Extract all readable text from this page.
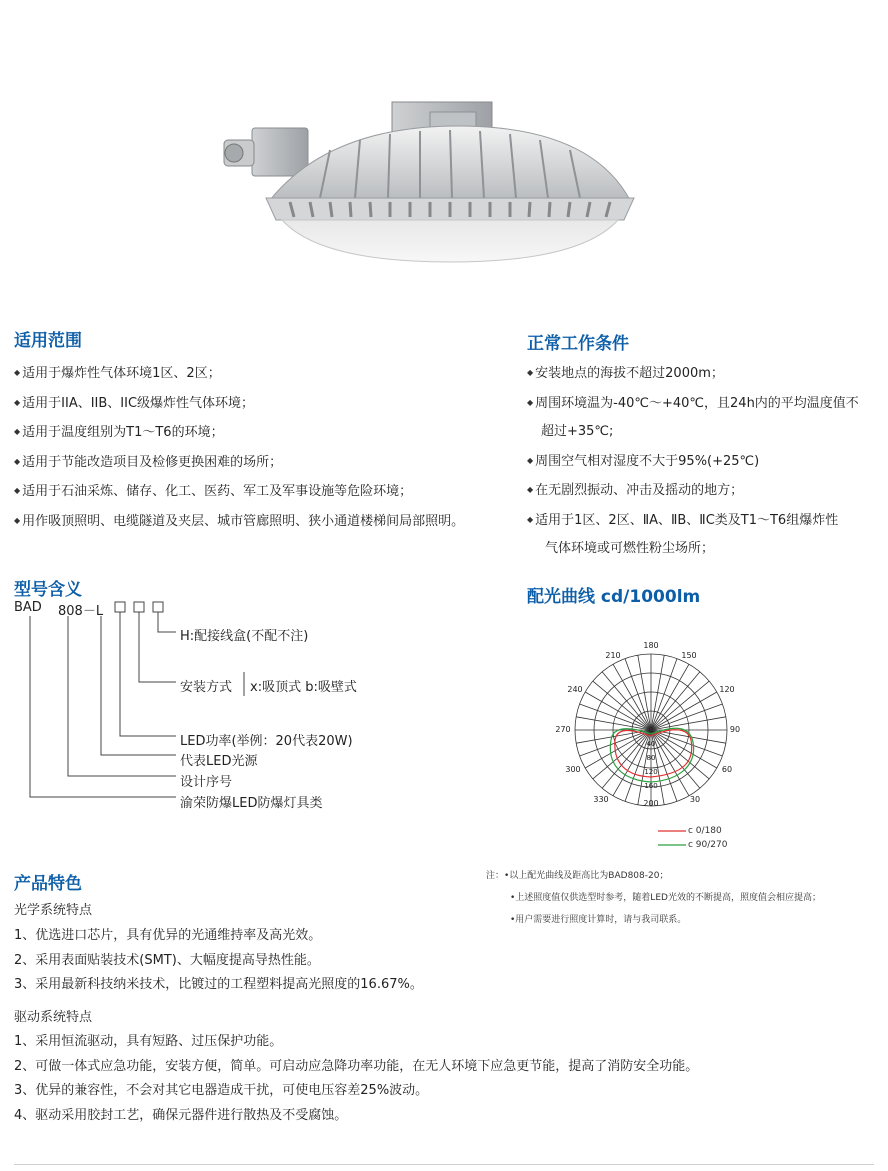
适用范围
◆ 适用于爆炸性气体环境1区、2区；
◆ 适用于IIA、IIB、IIC级爆炸性气体环境；
◆ 适用于温度组别为T1～T6的环境；
◆ 适用于节能改造项目及检修更换困难的场所；
◆ 适用于石油采炼、储存、化工、医药、军工及军事设施等危险环境；
◆ 用作吸顶照明、电缆隧道及夹层、城市管廊照明、狭小通道楼梯间局部照明。
正常工作条件
◆ 安装地点的海拔不超过2000m；
◆ 周围环境温为-40℃～+40℃，且24h内的平均温度值不
超过+35℃;
◆ 周围空气相对湿度不大于95%(+25℃)
◆ 在无剧烈振动、冲击及摇动的地方；
◆ 适用于1区、2区、ⅡA、ⅡB、ⅡC类及T1～T6组爆炸性
气体环境或可燃性粉尘场所；
型号含义
BAD 808－L
H:配接线盒(不配不注)
安装方式 x:吸顶式 b:吸壁式
LED功率(举例：20代表20W)
代表LED光源
设计序号
渝荣防爆LED防爆灯具类
配光曲线 cd/1000lm
180
210	150
240	120
270	90
300	60
330	200	30
0
40
80
120
160
c 0/180
c 90/270
注：•以上配光曲线及距高比为BAD808-20；
•上述照度值仅供选型时参考，随着LED光效的不断提高，照度值会相应提高；
•用户需要进行照度计算时，请与我司联系。
产品特色
光学系统特点
1、优选进口芯片，具有优异的光通维持率及高光效。
2、采用表面贴装技术(SMT)、大幅度提高导热性能。
3、采用最新科技纳米技术，比镀过的工程塑料提高光照度的16.67%。
驱动系统特点
1、采用恒流驱动，具有短路、过压保护功能。
2、可做一体式应急功能，安装方便，简单。可启动应急降功率功能，在无人环境下应急更节能，提高了消防安全功能。
3、优异的兼容性，不会对其它电器造成干扰，可使电压容差25%波动。
4、驱动采用胶封工艺，确保元器件进行散热及不受腐蚀。
